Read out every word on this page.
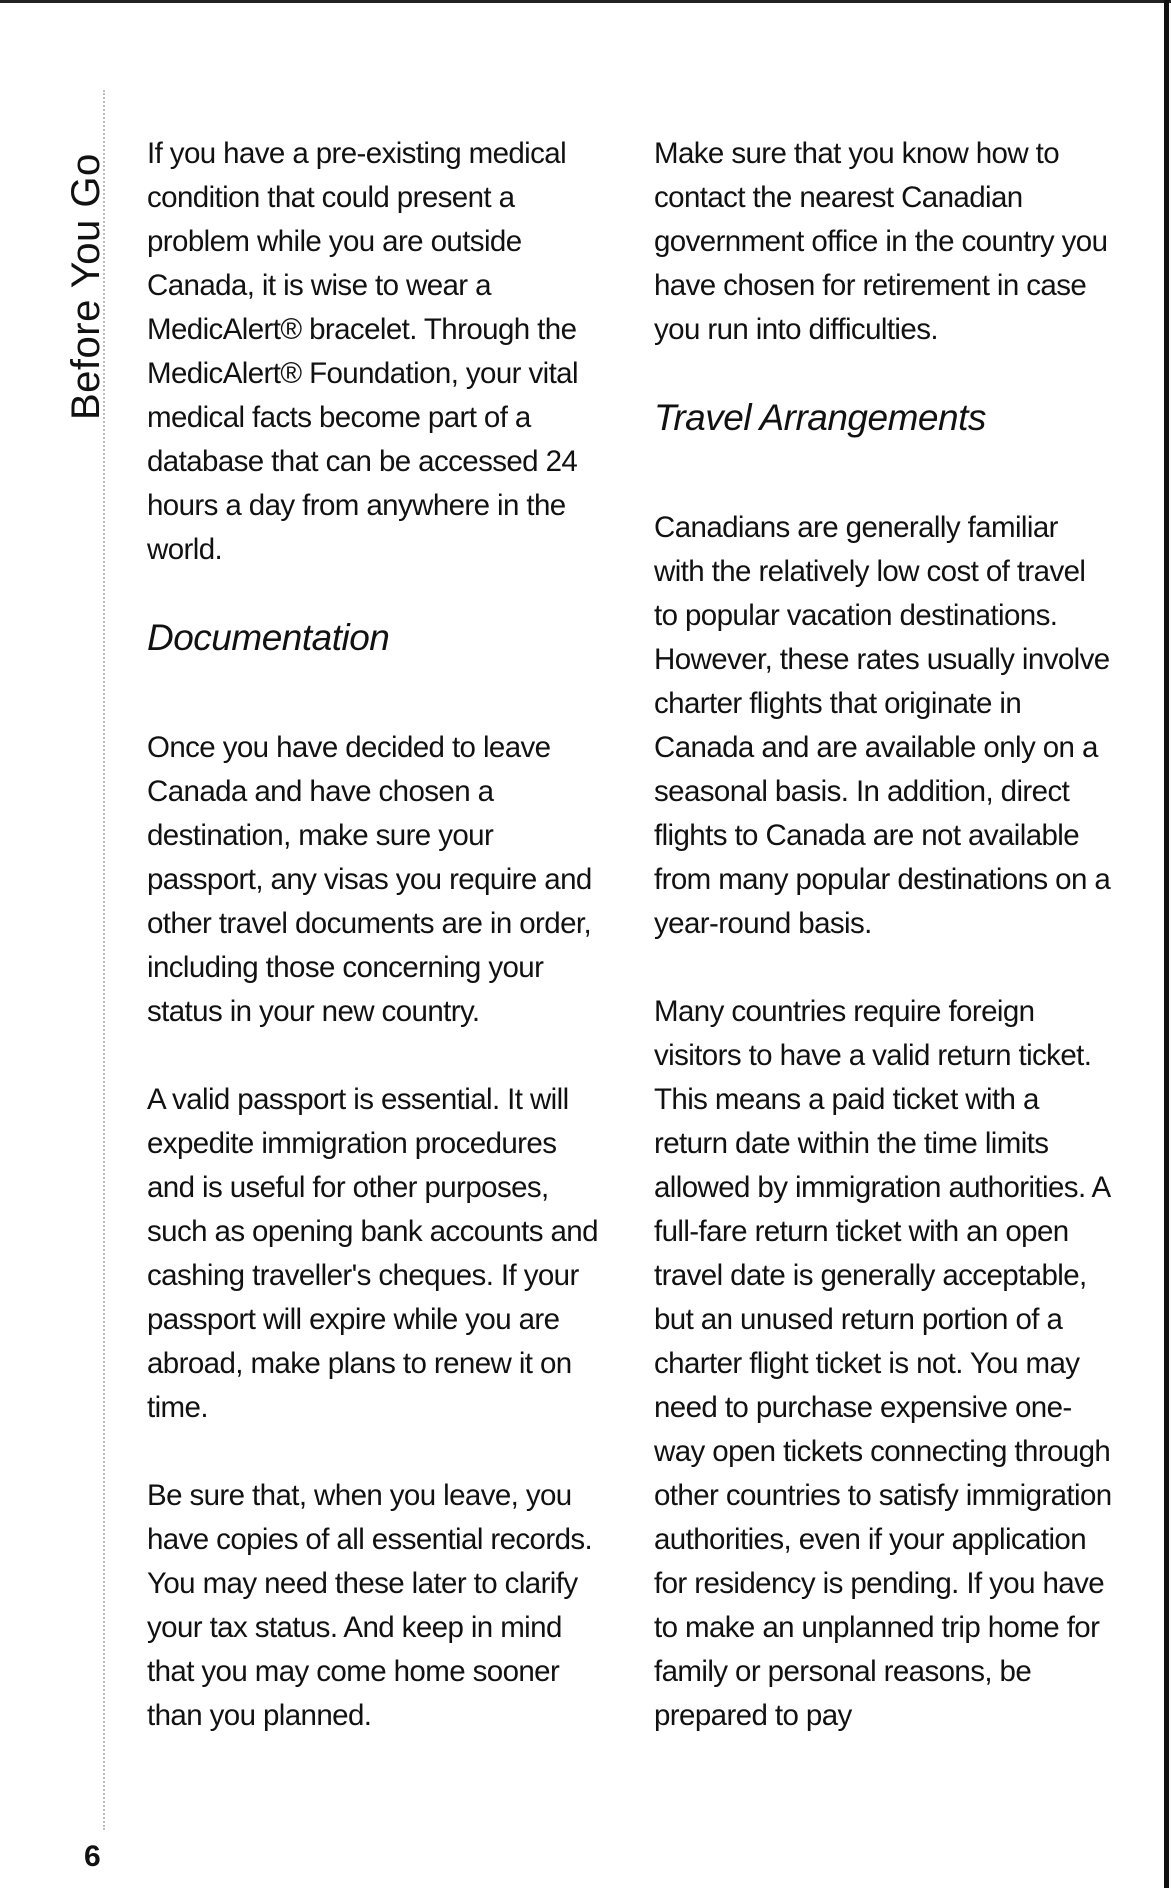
Before You Go
6

If you have a pre-existing medical condition that could present a problem while you are outside Canada, it is wise to wear a MedicAlert® bracelet. Through the MedicAlert® Foundation, your vital medical facts become part of a database that can be accessed 24 hours a day from anywhere in the world.

Documentation

Once you have decided to leave Canada and have chosen a destination, make sure your passport, any visas you require and other travel documents are in order, including those concerning your status in your new country.

A valid passport is essential. It will expedite immigration procedures and is useful for other purposes, such as opening bank accounts and cashing traveller's cheques. If your passport will expire while you are abroad, make plans to renew it on time.

Be sure that, when you leave, you have copies of all essential records. You may need these later to clarify your tax status. And keep in mind that you may come home sooner than you planned.

Make sure that you know how to contact the nearest Canadian government office in the country you have chosen for retirement in case you run into difficulties.

Travel Arrangements

Canadians are generally familiar with the relatively low cost of travel to popular vacation destinations. However, these rates usually involve charter flights that originate in Canada and are available only on a seasonal basis. In addition, direct flights to Canada are not available from many popular destinations on a year-round basis.

Many countries require foreign visitors to have a valid return ticket. This means a paid ticket with a return date within the time limits allowed by immigration authorities. A full-fare return ticket with an open travel date is generally acceptable, but an unused return portion of a charter flight ticket is not. You may need to purchase expensive one-way open tickets connecting through other countries to satisfy immigration authorities, even if your application for residency is pending. If you have to make an unplanned trip home for family or personal reasons, be prepared to pay
